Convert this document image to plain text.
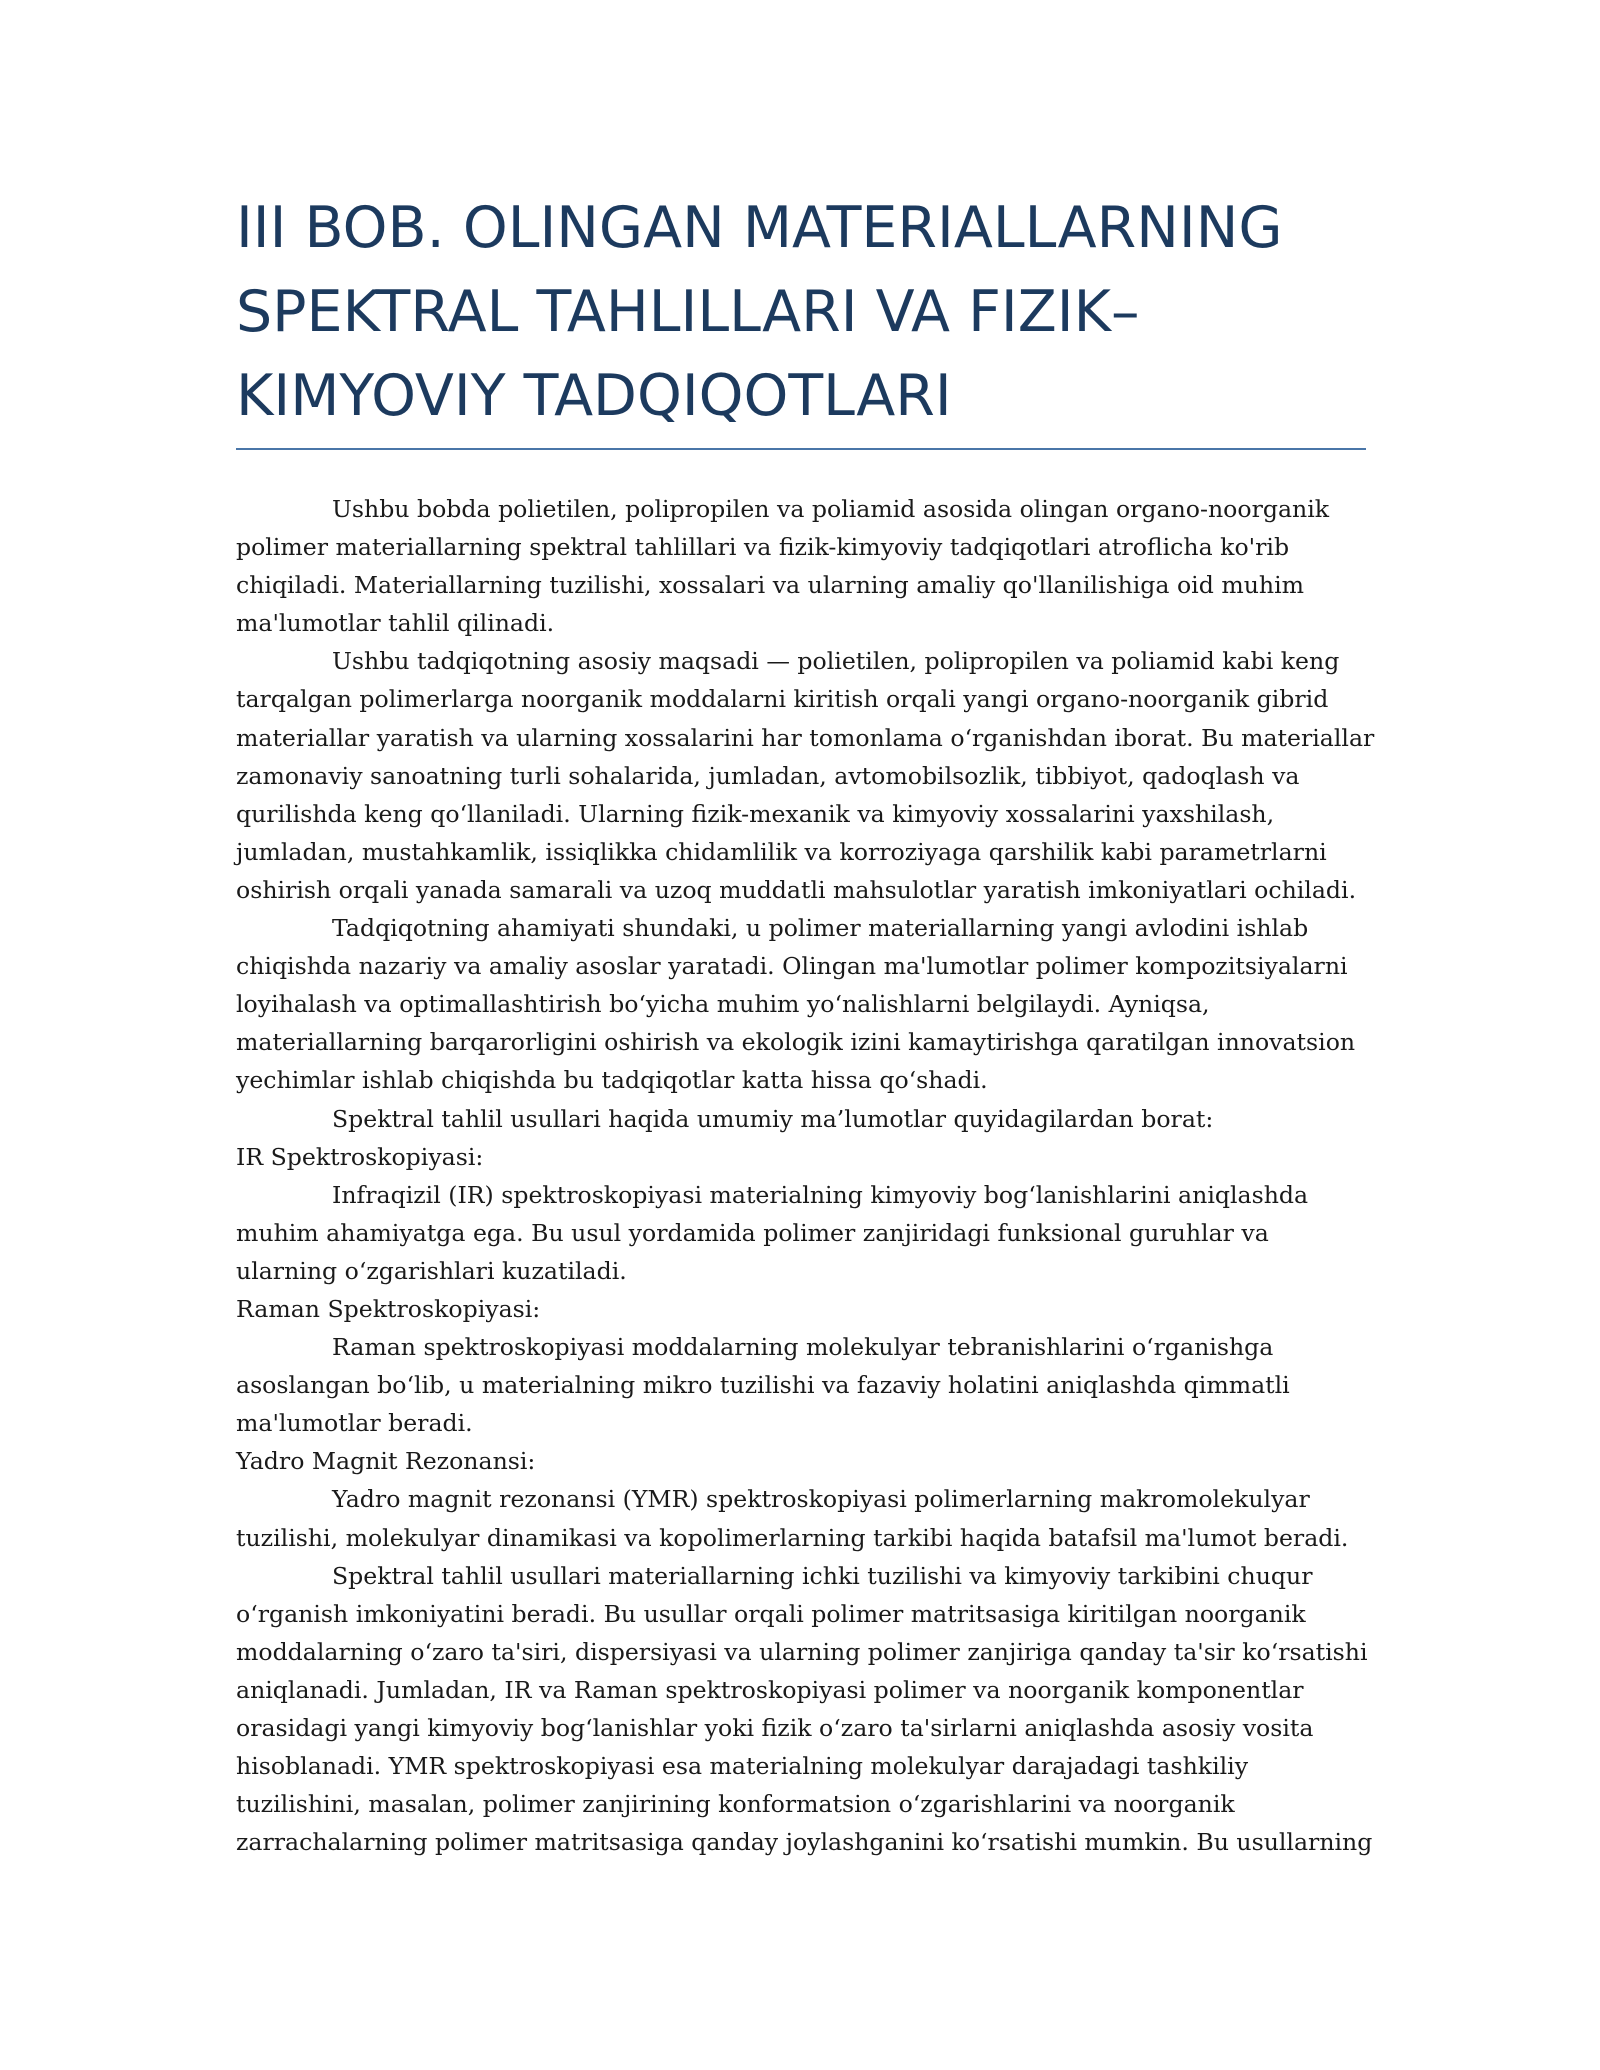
III BOB. OLINGAN MATERIALLARNING SPEKTRAL TAHLILLARI VA FIZIK–KIMYOVIY TADQIQOTLARI

Ushbu bobda polietilen, polipropilen va poliamid asosida olingan organo-noorganik polimer materiallarning spektral tahlillari va fizik-kimyoviy tadqiqotlari atroflicha ko'rib chiqiladi. Materiallarning tuzilishi, xossalari va ularning amaliy qo'llanilishiga oid muhim ma'lumotlar tahlil qilinadi.

Ushbu tadqiqotning asosiy maqsadi — polietilen, polipropilen va poliamid kabi keng tarqalgan polimerlarga noorganik moddalarni kiritish orqali yangi organo-noorganik gibrid materiallar yaratish va ularning xossalarini har tomonlama oʻrganishdan iborat. Bu materiallar zamonaviy sanoatning turli sohalarida, jumladan, avtomobilsozlik, tibbiyot, qadoqlash va qurilishda keng qoʻllaniladi. Ularning fizik-mexanik va kimyoviy xossalarini yaxshilash, jumladan, mustahkamlik, issiqlikka chidamlilik va korroziyaga qarshilik kabi parametrlarni oshirish orqali yanada samarali va uzoq muddatli mahsulotlar yaratish imkoniyatlari ochiladi.

Tadqiqotning ahamiyati shundaki, u polimer materiallarning yangi avlodini ishlab chiqishda nazariy va amaliy asoslar yaratadi. Olingan ma'lumotlar polimer kompozitsiyalarni loyihalash va optimallashtirish boʻyicha muhim yoʻnalishlarni belgilaydi. Ayniqsa, materiallarning barqarorligini oshirish va ekologik izini kamaytirishga qaratilgan innovatsion yechimlar ishlab chiqishda bu tadqiqotlar katta hissa qoʻshadi.

Spektral tahlil usullari haqida umumiy ma’lumotlar quyidagilardan borat:

IR Spektroskopiyasi:

Infraqizil (IR) spektroskopiyasi materialning kimyoviy bogʻlanishlarini aniqlashda muhim ahamiyatga ega. Bu usul yordamida polimer zanjiridagi funksional guruhlar va ularning oʻzgarishlari kuzatiladi.

Raman Spektroskopiyasi:

Raman spektroskopiyasi moddalarning molekulyar tebranishlarini oʻrganishga asoslangan boʻlib, u materialning mikro tuzilishi va fazaviy holatini aniqlashda qimmatli ma'lumotlar beradi.

Yadro Magnit Rezonansi:

Yadro magnit rezonansi (YMR) spektroskopiyasi polimerlarning makromolekulyar tuzilishi, molekulyar dinamikasi va kopolimerlarning tarkibi haqida batafsil ma'lumot beradi.

Spektral tahlil usullari materiallarning ichki tuzilishi va kimyoviy tarkibini chuqur oʻrganish imkoniyatini beradi. Bu usullar orqali polimer matritsasiga kiritilgan noorganik moddalarning oʻzaro ta'siri, dispersiyasi va ularning polimer zanjiriga qanday ta'sir koʻrsatishi aniqlanadi. Jumladan, IR va Raman spektroskopiyasi polimer va noorganik komponentlar orasidagi yangi kimyoviy bogʻlanishlar yoki fizik oʻzaro ta'sirlarni aniqlashda asosiy vosita hisoblanadi. YMR spektroskopiyasi esa materialning molekulyar darajadagi tashkiliy tuzilishini, masalan, polimer zanjirining konformatsion oʻzgarishlarini va noorganik zarrachalarning polimer matritsasiga qanday joylashganini koʻrsatishi mumkin. Bu usullarning
